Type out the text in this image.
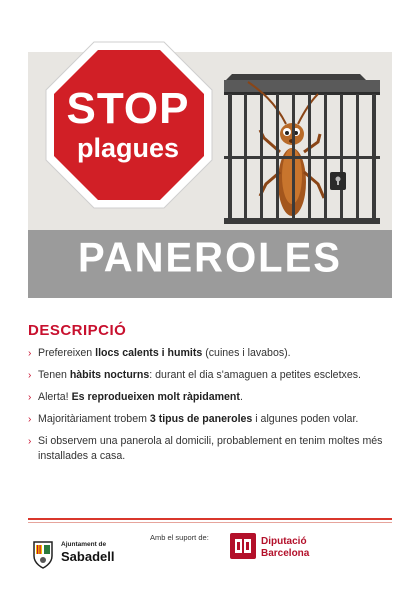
STOP
plagues
PANEROLES
DESCRIPCIÓ
› Prefereixen llocs calents i humits (cuines i lavabos).
› Tenen hàbits nocturns: durant el dia s'amaguen a petites escletxes.
› Alerta! Es reprodueixen molt ràpidament.
› Majoritàriament trobem 3 tipus de paneroles i algunes poden volar.
› Si observem una panerola al domicili, probablement en tenim moltes més installades a casa.
Ajuntament de
Sabadell
Amb el suport de:	Diputació
Barcelona
